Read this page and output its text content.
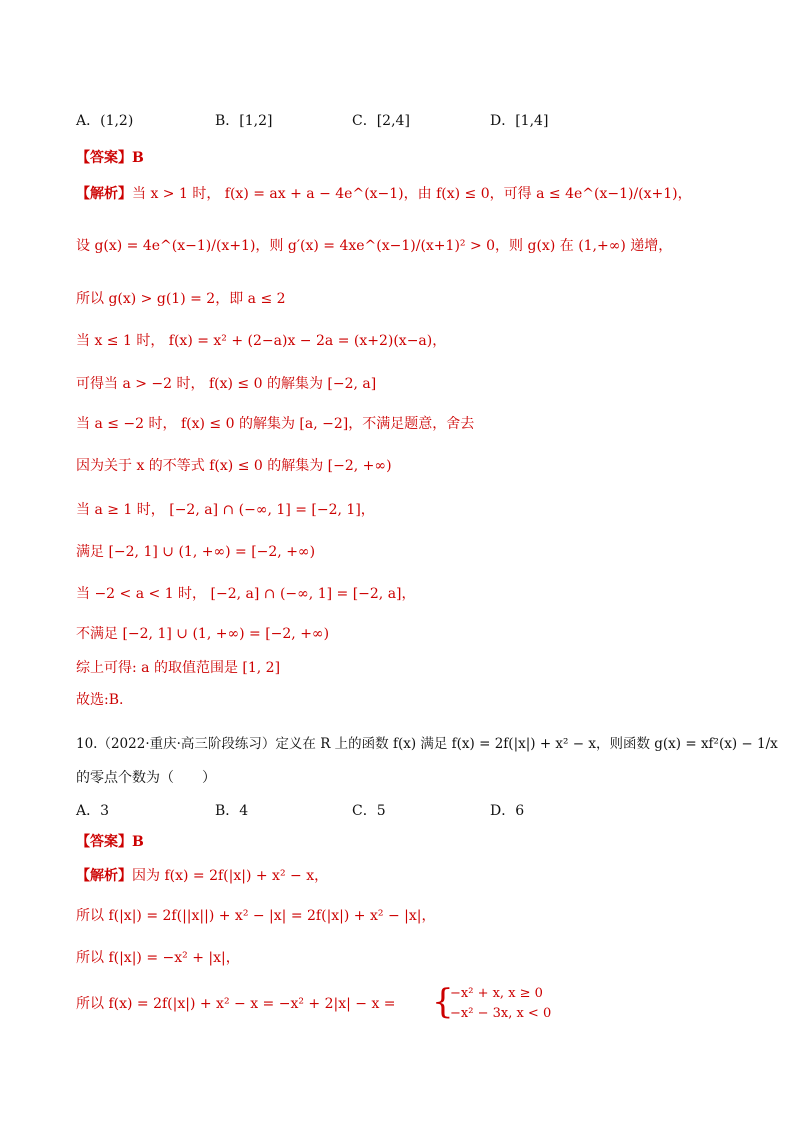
A．(1,2)	B．[1,2]	C．[2,4]	D．[1,4]
【答案】B
【解析】当 x > 1 时， f(x) = ax + a − 4e^(x−1)，由 f(x) ≤ 0，可得 a ≤ 4e^(x−1)/(x+1)，
设 g(x) = 4e^(x−1)/(x+1)，则 g′(x) = 4xe^(x−1)/(x+1)² > 0，则 g(x) 在 (1,+∞) 递增，
所以 g(x) > g(1) = 2，即 a ≤ 2
当 x ≤ 1 时， f(x) = x² + (2−a)x − 2a = (x+2)(x−a)，
可得当 a > −2 时， f(x) ≤ 0 的解集为 [−2, a]
当 a ≤ −2 时， f(x) ≤ 0 的解集为 [a, −2]，不满足题意，舍去
因为关于 x 的不等式 f(x) ≤ 0 的解集为 [−2, +∞)
当 a ≥ 1 时， [−2, a] ∩ (−∞, 1] = [−2, 1]，
满足 [−2, 1] ∪ (1, +∞) = [−2, +∞)
当 −2 < a < 1 时， [−2, a] ∩ (−∞, 1] = [−2, a]，
不满足 [−2, 1] ∪ (1, +∞) = [−2, +∞)
综上可得: a 的取值范围是 [1, 2]
故选:B.
10.（2022·重庆·高三阶段练习）定义在 R 上的函数 f(x) 满足 f(x) = 2f(|x|) + x² − x，则函数 g(x) = xf²(x) − 1/x
的零点个数为（　　）
A．3	B．4	C．5	D．6
【答案】B
【解析】因为 f(x) = 2f(|x|) + x² − x，
所以 f(|x|) = 2f(||x||) + x² − |x| = 2f(|x|) + x² − |x|，
所以 f(|x|) = −x² + |x|，
所以 f(x) = 2f(|x|) + x² − x = −x² + 2|x| − x = {
−x² + x, x ≥ 0
−x² − 3x, x < 0
